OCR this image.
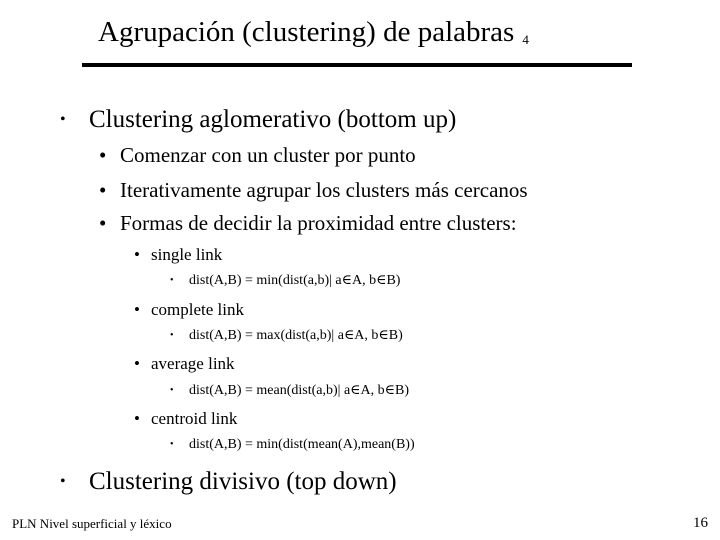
Agrupación (clustering) de palabras $_4$
• Clustering aglomerativo (bottom up)
• Comenzar con un cluster por punto
• Iterativamente agrupar los clusters más cercanos
• Formas de decidir la proximidad entre clusters:
• single link
• dist(A,B) = min(dist(a,b)| a∈A, b∈B)
• complete link
• dist(A,B) = max(dist(a,b)| a∈A, b∈B)
• average link
• dist(A,B) = mean(dist(a,b)| a∈A, b∈B)
• centroid link
• dist(A,B) = min(dist(mean(A),mean(B))
• Clustering divisivo (top down)
PLN Nivel superficial y léxico	16
